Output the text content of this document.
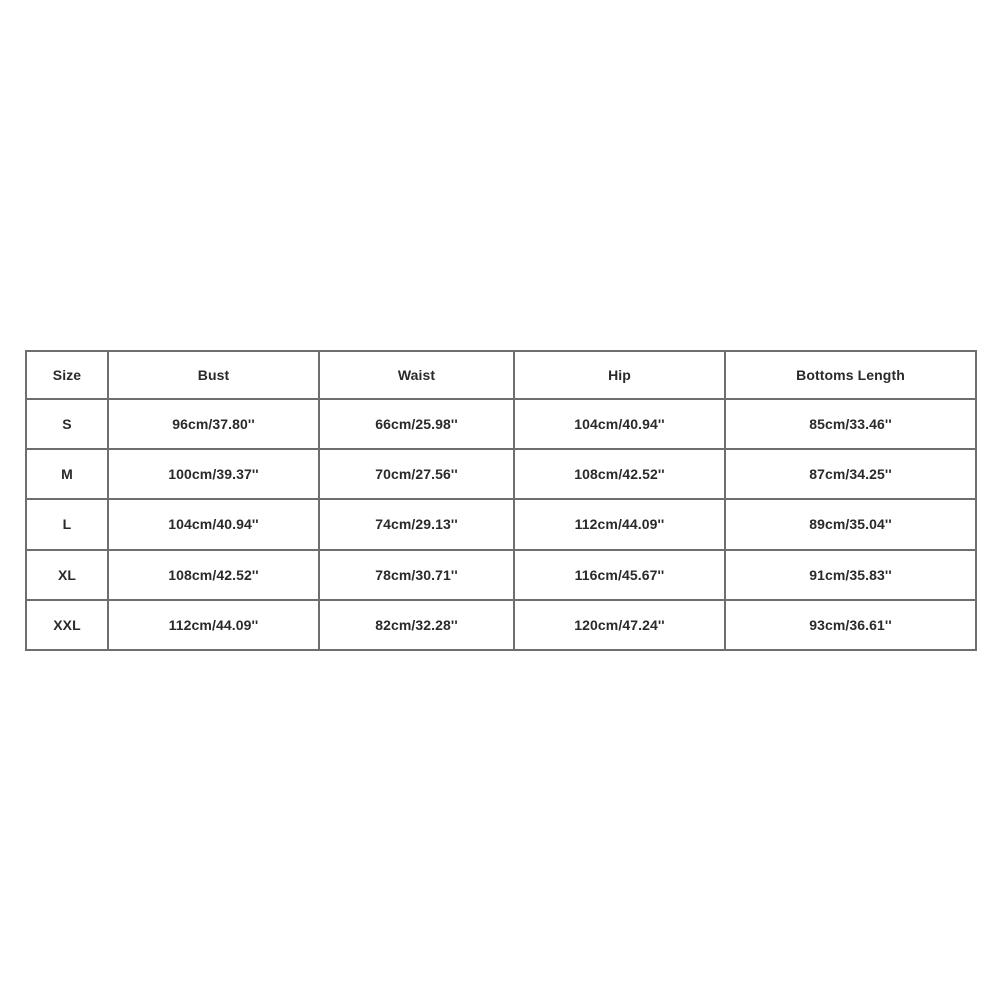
Size	Bust	Waist	Hip	Bottoms Length
S	96cm/37.80''	66cm/25.98''	104cm/40.94''	85cm/33.46''
M	100cm/39.37''	70cm/27.56''	108cm/42.52''	87cm/34.25''
L	104cm/40.94''	74cm/29.13''	112cm/44.09''	89cm/35.04''
XL	108cm/42.52''	78cm/30.71''	116cm/45.67''	91cm/35.83''
XXL	112cm/44.09''	82cm/32.28''	120cm/47.24''	93cm/36.61''
